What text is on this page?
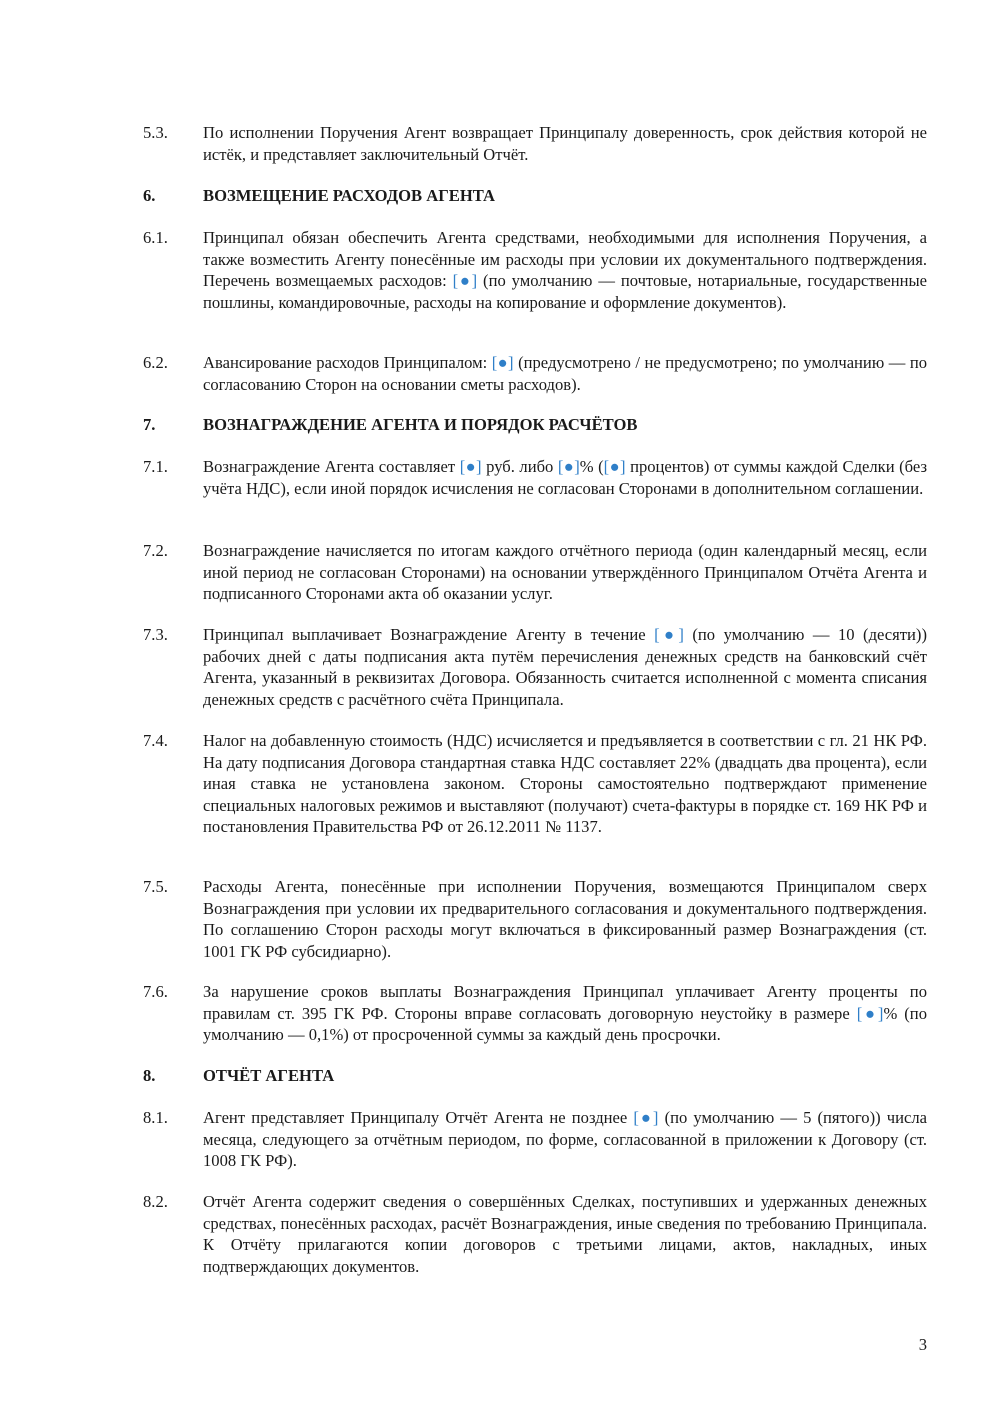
5.3.	По исполнении Поручения Агент возвращает Принципалу доверенность, срок действия которой не истёк, и представляет заключительный Отчёт.
6.	ВОЗМЕЩЕНИЕ РАСХОДОВ АГЕНТА
6.1.	Принципал обязан обеспечить Агента средствами, необходимыми для исполнения Поручения, а также возместить Агенту понесённые им расходы при условии их документального подтверждения. Перечень возмещаемых расходов: [●] (по умолчанию — почтовые, нотариальные, государственные пошлины, командировочные, расходы на копирование и оформление документов).
6.2.	Авансирование расходов Принципалом: [●] (предусмотрено / не предусмотрено; по умолчанию — по согласованию Сторон на основании сметы расходов).
7.	ВОЗНАГРАЖДЕНИЕ АГЕНТА И ПОРЯДОК РАСЧЁТОВ
7.1.	Вознаграждение Агента составляет [●] руб. либо [●]% ([●] процентов) от суммы каждой Сделки (без учёта НДС), если иной порядок исчисления не согласован Сторонами в дополнительном соглашении.
7.2.	Вознаграждение начисляется по итогам каждого отчётного периода (один календарный месяц, если иной период не согласован Сторонами) на основании утверждённого Принципалом Отчёта Агента и подписанного Сторонами акта об оказании услуг.
7.3.	Принципал выплачивает Вознаграждение Агенту в течение [●] (по умолчанию — 10 (десяти)) рабочих дней с даты подписания акта путём перечисления денежных средств на банковский счёт Агента, указанный в реквизитах Договора. Обязанность считается исполненной с момента списания денежных средств с расчётного счёта Принципала.
7.4.	Налог на добавленную стоимость (НДС) исчисляется и предъявляется в соответствии с гл. 21 НК РФ. На дату подписания Договора стандартная ставка НДС составляет 22% (двадцать два процента), если иная ставка не установлена законом. Стороны самостоятельно подтверждают применение специальных налоговых режимов и выставляют (получают) счета-фактуры в порядке ст. 169 НК РФ и постановления Правительства РФ от 26.12.2011 № 1137.
7.5.	Расходы Агента, понесённые при исполнении Поручения, возмещаются Принципалом сверх Вознаграждения при условии их предварительного согласования и документального подтверждения. По соглашению Сторон расходы могут включаться в фиксированный размер Вознаграждения (ст. 1001 ГК РФ субсидиарно).
7.6.	За нарушение сроков выплаты Вознаграждения Принципал уплачивает Агенту проценты по правилам ст. 395 ГК РФ. Стороны вправе согласовать договорную неустойку в размере [●]% (по умолчанию — 0,1%) от просроченной суммы за каждый день просрочки.
8.	ОТЧЁТ АГЕНТА
8.1.	Агент представляет Принципалу Отчёт Агента не позднее [●] (по умолчанию — 5 (пятого)) числа месяца, следующего за отчётным периодом, по форме, согласованной в приложении к Договору (ст. 1008 ГК РФ).
8.2.	Отчёт Агента содержит сведения о совершённых Сделках, поступивших и удержанных денежных средствах, понесённых расходах, расчёт Вознаграждения, иные сведения по требованию Принципала. К Отчёту прилагаются копии договоров с третьими лицами, актов, накладных, иных подтверждающих документов.
3
